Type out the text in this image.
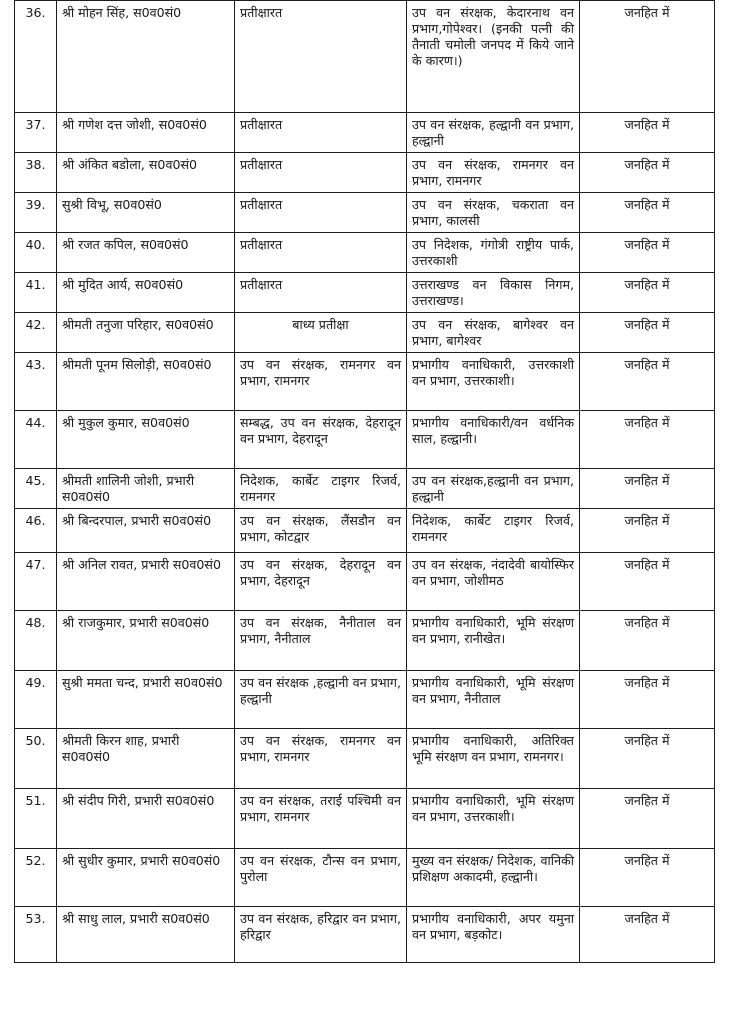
36.	श्री मोहन सिंह, स0व0सं0	प्रतीक्षारत	उप वन संरक्षक, केदारनाथ वन प्रभाग,गोपेश्वर। (इनकी पत्नी की तैनाती चमोली जनपद में किये जाने के कारण।)	जनहित में
37.	श्री गणेश दत्त जोशी, स0व0सं0	प्रतीक्षारत	उप वन संरक्षक, हल्द्वानी वन प्रभाग, हल्द्वानी	जनहित में
38.	श्री अंकित बडोला, स0व0सं0	प्रतीक्षारत	उप वन संरक्षक, रामनगर वन प्रभाग, रामनगर	जनहित में
39.	सुश्री विभू, स0व0सं0	प्रतीक्षारत	उप वन संरक्षक, चकराता वन प्रभाग, कालसी	जनहित में
40.	श्री रजत कपिल, स0व0सं0	प्रतीक्षारत	उप निदेशक, गंगोत्री राष्ट्रीय पार्क, उत्तरकाशी	जनहित में
41.	श्री मुदित आर्य, स0व0सं0	प्रतीक्षारत	उत्तराखण्ड वन विकास निगम, उत्तराखण्ड।	जनहित में
42.	श्रीमती तनुजा परिहार, स0व0सं0	बाध्य प्रतीक्षा	उप वन संरक्षक, बागेश्वर वन प्रभाग, बागेश्वर	जनहित में
43.	श्रीमती पूनम सिलोड़ी, स0व0सं0	उप वन संरक्षक, रामनगर वन प्रभाग, रामनगर	प्रभागीय वनाधिकारी, उत्तरकाशी वन प्रभाग, उत्तरकाशी।	जनहित में
44.	श्री मुकुल कुमार, स0व0सं0	सम्बद्ध, उप वन संरक्षक, देहरादून वन प्रभाग, देहरादून	प्रभागीय वनाधिकारी/वन वर्धनिक साल, हल्द्वानी।	जनहित में
45.	श्रीमती शालिनी जोशी, प्रभारी स0व0सं0	निदेशक, कार्बेट टाइगर रिजर्व, रामनगर	उप वन संरक्षक,हल्द्वानी वन प्रभाग, हल्द्वानी	जनहित में
46.	श्री बिन्दरपाल, प्रभारी स0व0सं0	उप वन संरक्षक, लैंसडौन वन प्रभाग, कोटद्वार	निदेशक, कार्बेट टाइगर रिजर्व, रामनगर	जनहित में
47.	श्री अनिल रावत, प्रभारी स0व0सं0	उप वन संरक्षक, देहरादून वन प्रभाग, देहरादून	उप वन संरक्षक, नंदादेवी बायोस्फिर वन प्रभाग, जोशीमठ	जनहित में
48.	श्री राजकुमार, प्रभारी स0व0सं0	उप वन संरक्षक, नैनीताल वन प्रभाग, नैनीताल	प्रभागीय वनाधिकारी, भूमि संरक्षण वन प्रभाग, रानीखेत।	जनहित में
49.	सुश्री ममता चन्द, प्रभारी स0व0सं0	उप वन संरक्षक ,हल्द्वानी वन प्रभाग, हल्द्वानी	प्रभागीय वनाधिकारी, भूमि संरक्षण वन प्रभाग, नैनीताल	जनहित में
50.	श्रीमती किरन शाह, प्रभारी स0व0सं0	उप वन संरक्षक, रामनगर वन प्रभाग, रामनगर	प्रभागीय वनाधिकारी, अतिरिक्त भूमि संरक्षण वन प्रभाग, रामनगर।	जनहित में
51.	श्री संदीप गिरी, प्रभारी स0व0सं0	उप वन संरक्षक, तराई पश्चिमी वन प्रभाग, रामनगर	प्रभागीय वनाधिकारी, भूमि संरक्षण वन प्रभाग, उत्तरकाशी।	जनहित में
52.	श्री सुधीर कुमार, प्रभारी स0व0सं0	उप वन संरक्षक, टौन्स वन प्रभाग, पुरोला	मुख्य वन संरक्षक/ निदेशक, वानिकी प्रशिक्षण अकादमी, हल्द्वानी।	जनहित में
53.	श्री साधु लाल, प्रभारी स0व0सं0	उप वन संरक्षक, हरिद्वार वन प्रभाग, हरिद्वार	प्रभागीय वनाधिकारी, अपर यमुना वन प्रभाग, बड़कोट।	जनहित में
